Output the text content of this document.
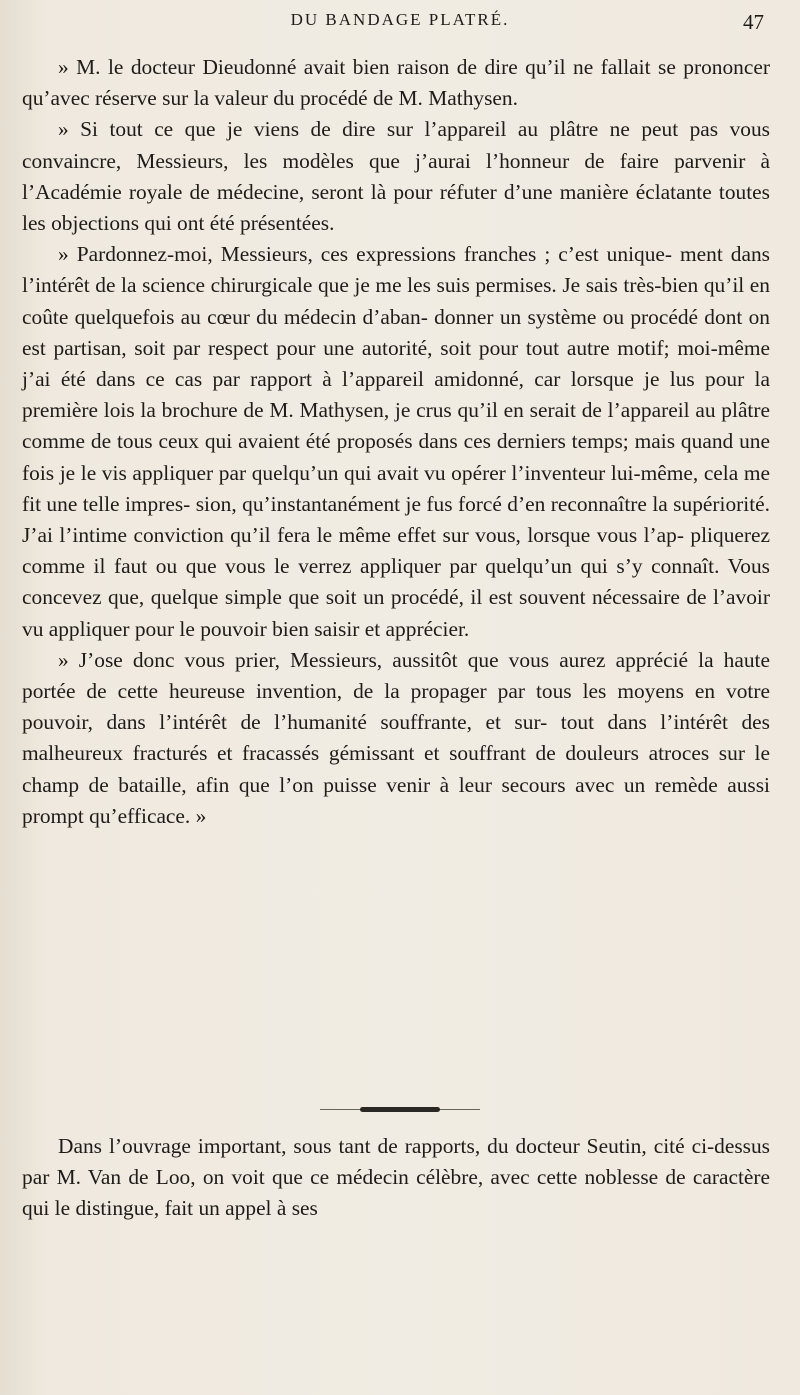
DU BANDAGE PLATRÉ.	47

» M. le docteur Dieudonné avait bien raison de dire qu’il ne fallait se prononcer qu’avec réserve sur la valeur du procédé de M. Mathysen.

» Si tout ce que je viens de dire sur l’appareil au plâtre ne peut pas vous convaincre, Messieurs, les modèles que j’aurai l’honneur de faire parvenir à l’Académie royale de médecine, seront là pour réfuter d’une manière éclatante toutes les objections qui ont été présentées.

» Pardonnez-moi, Messieurs, ces expressions franches ; c’est unique- ment dans l’intérêt de la science chirurgicale que je me les suis permises. Je sais très-bien qu’il en coûte quelquefois au cœur du médecin d’aban- donner un système ou procédé dont on est partisan, soit par respect pour une autorité, soit pour tout autre motif; moi-même j’ai été dans ce cas par rapport à l’appareil amidonné, car lorsque je lus pour la première lois la brochure de M. Mathysen, je crus qu’il en serait de l’appareil au plâtre comme de tous ceux qui avaient été proposés dans ces derniers temps; mais quand une fois je le vis appliquer par quelqu’un qui avait vu opérer l’inventeur lui-même, cela me fit une telle impres- sion, qu’instantanément je fus forcé d’en reconnaître la supériorité. J’ai l’intime conviction qu’il fera le même effet sur vous, lorsque vous l’ap- pliquerez comme il faut ou que vous le verrez appliquer par quelqu’un qui s’y connaît. Vous concevez que, quelque simple que soit un procédé, il est souvent nécessaire de l’avoir vu appliquer pour le pouvoir bien saisir et apprécier.

» J’ose donc vous prier, Messieurs, aussitôt que vous aurez apprécié la haute portée de cette heureuse invention, de la propager par tous les moyens en votre pouvoir, dans l’intérêt de l’humanité souffrante, et sur- tout dans l’intérêt des malheureux fracturés et fracassés gémissant et souffrant de douleurs atroces sur le champ de bataille, afin que l’on puisse venir à leur secours avec un remède aussi prompt qu’efficace. »

Dans l’ouvrage important, sous tant de rapports, du docteur Seutin, cité ci-dessus par M. Van de Loo, on voit que ce médecin célèbre, avec cette noblesse de caractère qui le distingue, fait un appel à ses
